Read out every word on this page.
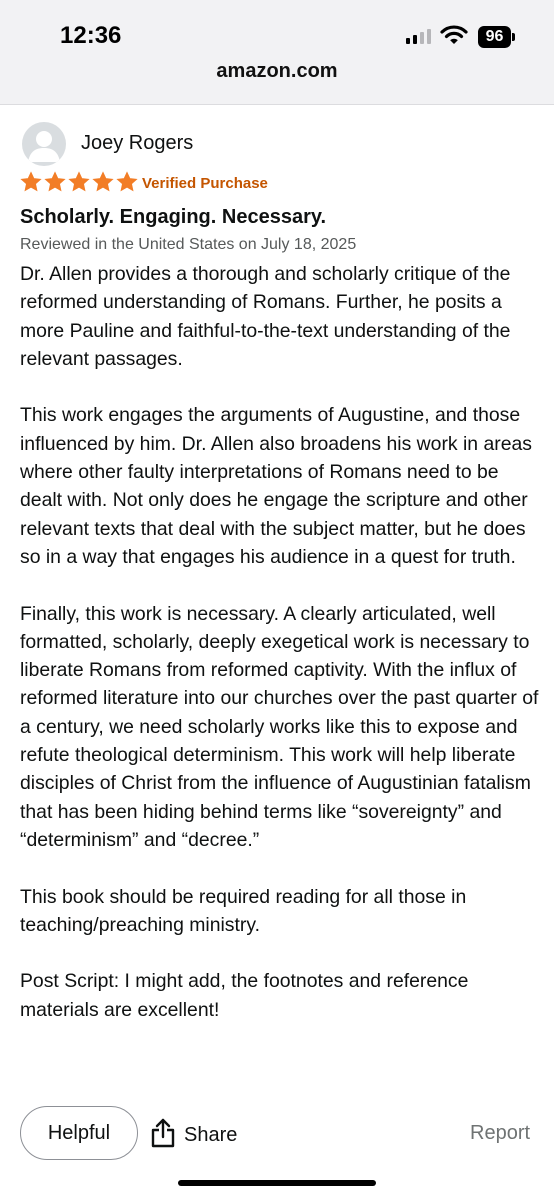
12:36	96
amazon.com
Joey Rogers
Verified Purchase
Scholarly. Engaging. Necessary.
Reviewed in the United States on July 18, 2025

Dr. Allen provides a thorough and scholarly critique of the reformed understanding of Romans. Further, he posits a more Pauline and faithful-to-the-text understanding of the relevant passages.

This work engages the arguments of Augustine, and those influenced by him. Dr. Allen also broadens his work in areas where other faulty interpretations of Romans need to be dealt with. Not only does he engage the scripture and other relevant texts that deal with the subject matter, but he does so in a way that engages his audience in a quest for truth.

Finally, this work is necessary. A clearly articulated, well formatted, scholarly, deeply exegetical work is necessary to liberate Romans from reformed captivity. With the influx of reformed literature into our churches over the past quarter of a century, we need scholarly works like this to expose and refute theological determinism. This work will help liberate disciples of Christ from the influence of Augustinian fatalism that has been hiding behind terms like “sovereignty” and “determinism” and “decree.”

This book should be required reading for all those in teaching/preaching ministry.

Post Script: I might add, the footnotes and reference materials are excellent!

Helpful	Share	Report
